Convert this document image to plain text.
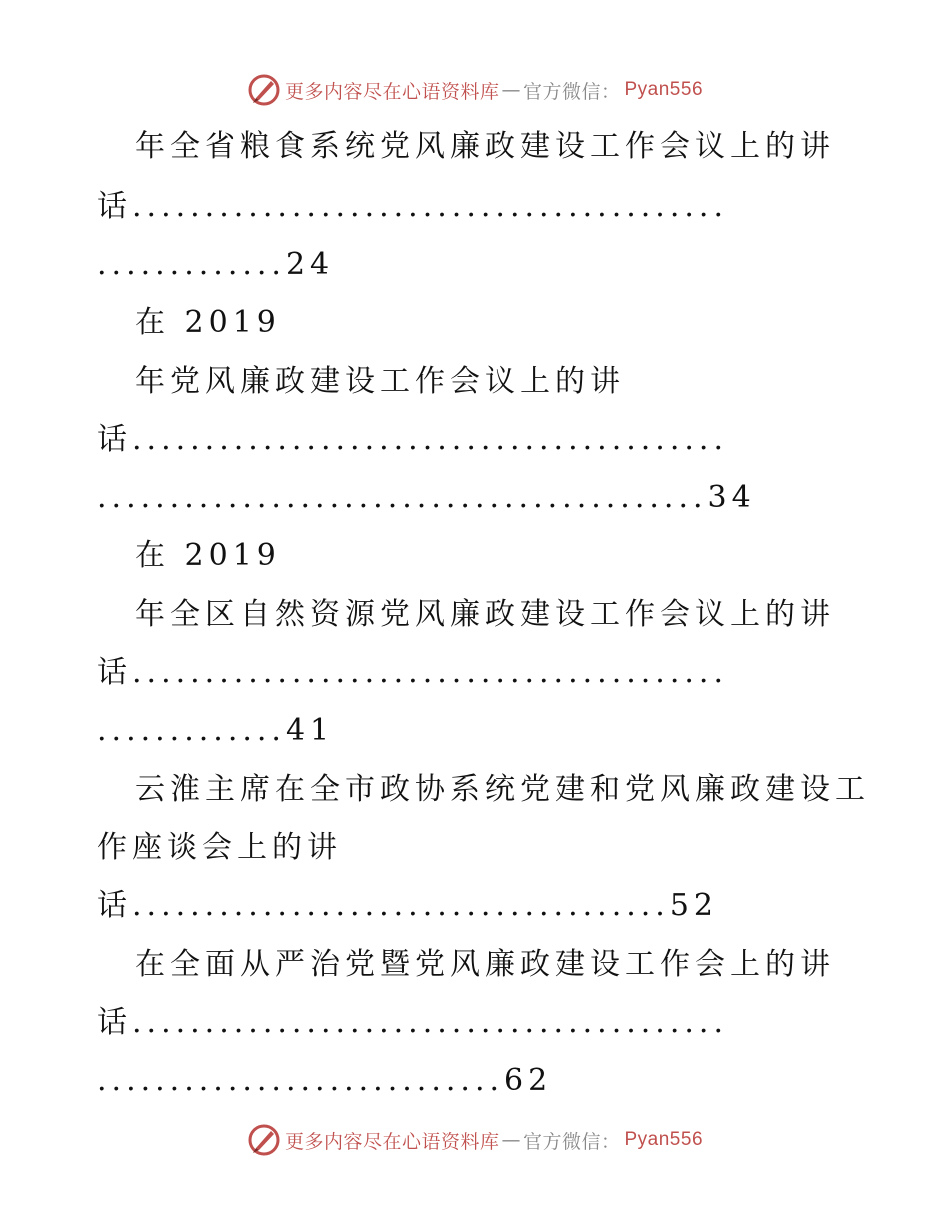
更多内容尽在心语资料库 — 官方微信： Pyan556
年全省粮食系统党风廉政建设工作会议上的讲
话.........................................
.............24
在 2019
年党风廉政建设工作会议上的讲
话.........................................
..........................................34
在 2019
年全区自然资源党风廉政建设工作会议上的讲
话.........................................
.............41
云淮主席在全市政协系统党建和党风廉政建设工
作座谈会上的讲
话.....................................52
在全面从严治党暨党风廉政建设工作会上的讲
话.........................................
............................62
更多内容尽在心语资料库 — 官方微信： Pyan556
